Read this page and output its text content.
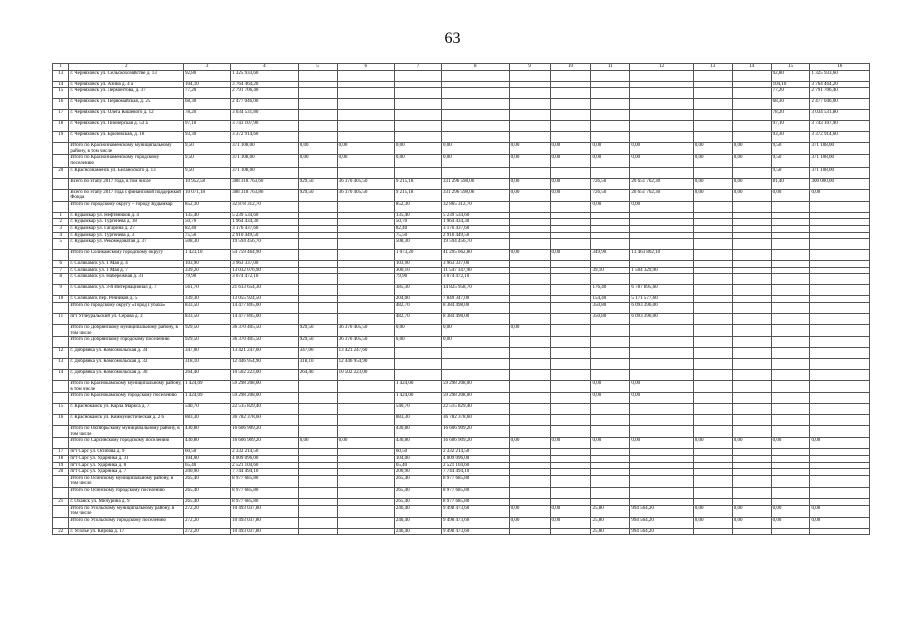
63
1	2	3	4	5	6	7	8	9	10	11	12	13	14	15	16
13	г. Черняховск ул. Сельскохозяйстве д. 13	92,80	1 325 933,60											92,80	1 325 933,60
14	г. Черняховск ул. Азина д. 4 а	104,10	3 764 464,20											104,10	3 764 464,20
15	г. Черняховск ул. Лермонтова, д. 37	77,20	2 791 706,40											77,20	2 791 706,40
16	г. Черняховск ул. Первомайская, д. 25	68,30	2 477 046,00											68,30	2 477 046,00
17	г. Черняховск ул. Олега Кошевого д. 12	78,20	3 034 531,80											78,20	3 034 531,80
18	г. Черняховск ул. Пионерская д. 53 а	97,10	3 743 107,90											97,10	3 743 107,90
19	г. Черняховск ул. Брилёвская, д. 18	93,30	3 372 914,60											93,30	3 372 914,60
	Итого по Краснознаменскому муниципальному району, в том числе	9,50	371 108,00	0,00	0,00	0,00	0,00	0,00	0,00	0,00	0,00	0,00	0,00	9,50	371 108,00
	Итого по Краснознаменскому городскому поселению	9,50	371 108,00	0,00	0,00	0,00	0,00	0,00	0,00	0,00	0,00	0,00	0,00	9,50	371 108,00
20	г. Краснознаменск ул. Беланоского д. 13	9,50	371 108,00											9,50	371 108,00
	Всего по этапу 2017 года, в том числе	10 952,58	388 318 763,60	929,50	36 370 405,50	9 215,18	331 296 598,06	0,00	0,00	726,50	20 651 762,30	0,00	0,00	81,40	300 000,00
	Всего по этапу 2017 года с финансовой поддержкой Фонда	10 071,18	388 318 763,86	929,50	36 370 405,50	9 215,18	331 296 598,06	0,00	0,00	726,50	20 651 762,30	0,00	0,00	0,00	0,00
	Итого по городскому округу – городу Кудымкар	852,30	32 878 312,70			852,30	32 865 312,70			0,00	0,00				
1	г. Кудымкар ул. Нефтяников д. 4	135,40	5 239 534,60			135,40	5 239 534,60								
2	г. Кудымкар ул. Тургенева д. 18	50,70	1 964 434,30			50,70	1 964 434,30								
3	г. Кудымкар ул. Гагарина д. 27	82,40	3 176 437,60			82,40	3 176 437,60								
4	г. Кудымкар ул. Тургенева д. 3	75,50	2 910 449,50			75,50	2 910 449,50								
5	г. Кудымкар ул. Рекомедоватая д. 37	508,30	19 594 456,70			508,30	19 594 456,70								
	Итого по Соликамскому городскому округу	1 423,10	54 759 464,90			1 073,20	41 295 662,80	0,00	0,00	349,90	13 463 802,10				
6	г. Соликамск ул. 1 Мая д. 4	103,90	3 963 337,00			103,90	3 963 337,00								
7	г. Соликамск ул. 1 Мая д. 7	339,20	13 032 076,90			300,10	11 547 347,90			39,10	1 504 329,90				
8	г. Соликамск ул. Набережная д. 31	79,90	3 074 472,10			79,90	3 074 472,10								
9	г. Соликамск ул. 3-й Интернационал д. 7	561,70	21 613 654,30			385,30	14 825 958,70			176,40	6 787 895,60				
10	г. Соликамск пер. Речников д. 5	339,30	13 055 924,50			204,00	7 849 347,00			154,40	5 171 577,60				
	Итого по городскому округу «Город Губаха»	833,50	14 477 895,00			482,70	8 384 498,00			350,80	6 093 396,00				
11	пгт Углеуральский ул. Серова д. 3	833,50	14 477 895,00			482,70	8 384 498,00			350,80	6 093 396,00				
	Итого по Добрянскому муниципальному району, в том числе	929,50	36 370 405,50	929,50	36 370 405,50	0,00	0,00	0,00							
	Итого по Добрянскому городскому поселению	929,50	36 370 405,50	929,50	36 370 405,50	0,00	0,00								
12	г. Добрянка ул. Комсомольская д. 34	347,00	13 421 247,60	347,00	13 421 247,60										
13	г. Добрянка ул. Комсомольская д. 32	318,10	12 446 954,90	318,10	12 446 954,90										
14	г. Добрянка ул. Комсомольская д. 30	264,40	10 502 223,00	264,40	10 502 223,00										
	Итого по Краснокамскому муниципальному району, в том числе	1 424,09	59 298 208,00			1 424,00	59 298 208,00			0,00	0,00				
	Итого по Краснокамскому городскому поселению	1 424,09	59 298 208,00			1 424,00	59 298 208,00			0,00	0,00				
15	г. Краснокамск ул. Карла Маркса д. 7	540,70	22 515 829,40			540,70	22 515 829,40								
16	г. Краснокамск ул. Коммунистическая д. 2 б	883,30	36 782 378,60			883,30	36 782 378,60								
	Итого по Октябрьскому муниципальному району, в том числе	430,80	16 606 909,20			430,80	16 606 909,20								
	Итого по Сарсинскому городскому поселению	430,80	16 606 909,20	0,00	0,00	430,80	16 606 909,20	0,00	0,00	0,00	0,00	0,00	0,00	0,00	0,00
17	пгт Сарс ул. Осипова д. 9	60,50	2 332 214,50			60,50	2 332 214,50								
18	пгт Сарс ул. Ударника д. 31	104,00	4 009 096,00			104,00	4 009 096,00								
19	пгт Сарс ул. Ударника д. 8	65,40	2 521 104,60			65,40	2 521 104,60								
20	пгт Сарс ул. Ударника д. 7	200,90	7 744 494,10			200,90	7 744 494,10								
	Итого по Осинскому муниципальному району, в том числе	265,40	8 977 685,80			265,40	8 977 685,80								
	Итого по Осинскому городскому поселению	265,40	8 977 685,80			265,40	8 977 685,80								
21	г. Оханск ул. Мичурина д. 9	265,40	8 977 685,80			265,40	8 977 685,80								
	Итого по Усольскому муниципальному району, в том числе	272,20	10 493 037,80			246,40	9 498 473,60	0,00	0,00	25,80	994 564,20	0,00	0,00	0,00	0,00
	Итого по Усольскому городскому поселению	272,20	10 493 037,80			246,40	9 498 473,60	0,00	0,00	25,80	994 564,20	0,00	0,00	0,00	0,00
22	г. Усолье ул. Кирова д. 17	272,20	10 493 037,80			246,40	9 498 473,60			25,80	994 564,20				
